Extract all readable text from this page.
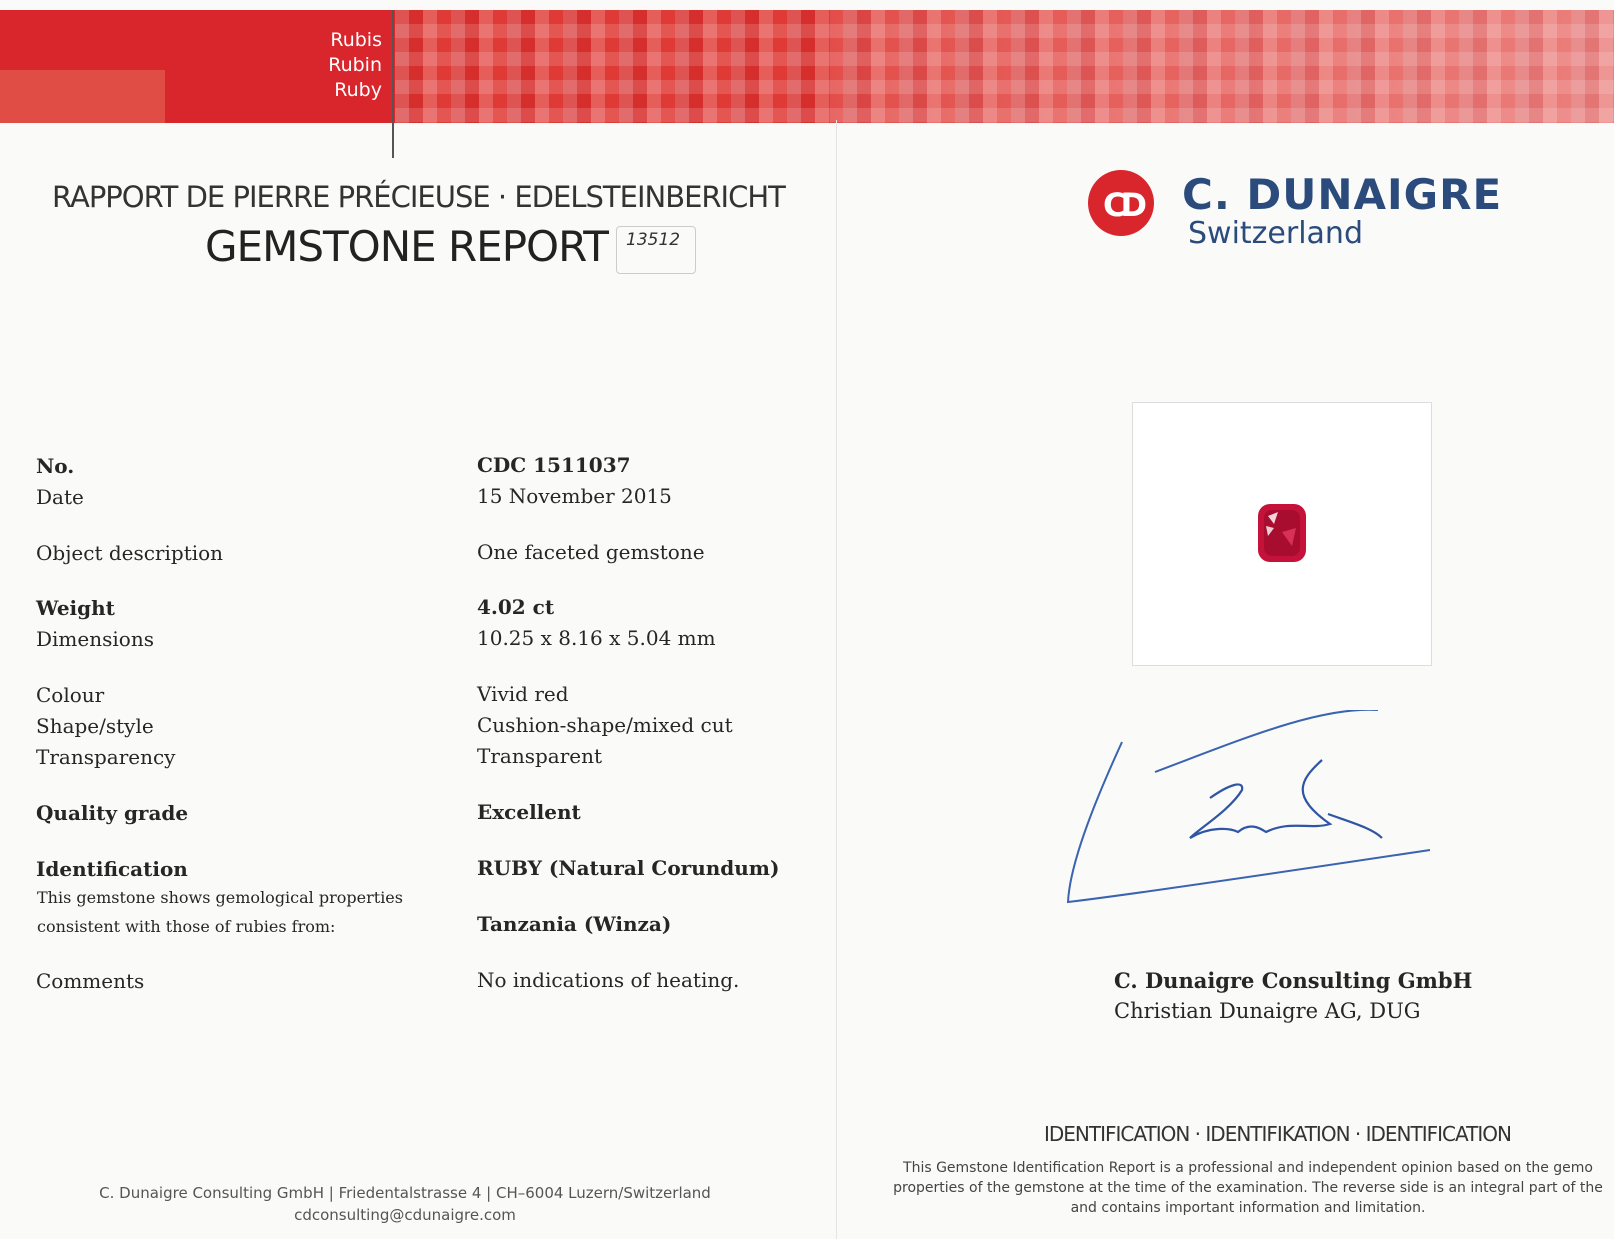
Rubis
Rubin
Ruby
RAPPORT DE PIERRE PRÉCIEUSE · EDELSTEINBERICHT
GEMSTONE REPORT 13512
No.	CDC 1511037
Date	15 November 2015
Object description	One faceted gemstone
Weight	4.02 ct
Dimensions	10.25 x 8.16 x 5.04 mm
Colour	Vivid red
Shape/style	Cushion-shape/mixed cut
Transparency	Transparent
Quality grade	Excellent
Identification	RUBY (Natural Corundum)
This gemstone shows gemological properties
consistent with those of rubies from:	Tanzania (Winza)
Comments	No indications of heating.
CD C. DUNAIGRE
Switzerland
C. Dunaigre Consulting GmbH
Christian Dunaigre AG, DUG
IDENTIFICATION · IDENTIFIKATION · IDENTIFICATION
This Gemstone Identification Report is a professional and independent opinion based on the gemo
properties of the gemstone at the time of the examination. The reverse side is an integral part of the
and contains important information and limitation.
C. Dunaigre Consulting GmbH | Friedentalstrasse 4 | CH–6004 Luzern/Switzerland
cdconsulting@cdunaigre.com
